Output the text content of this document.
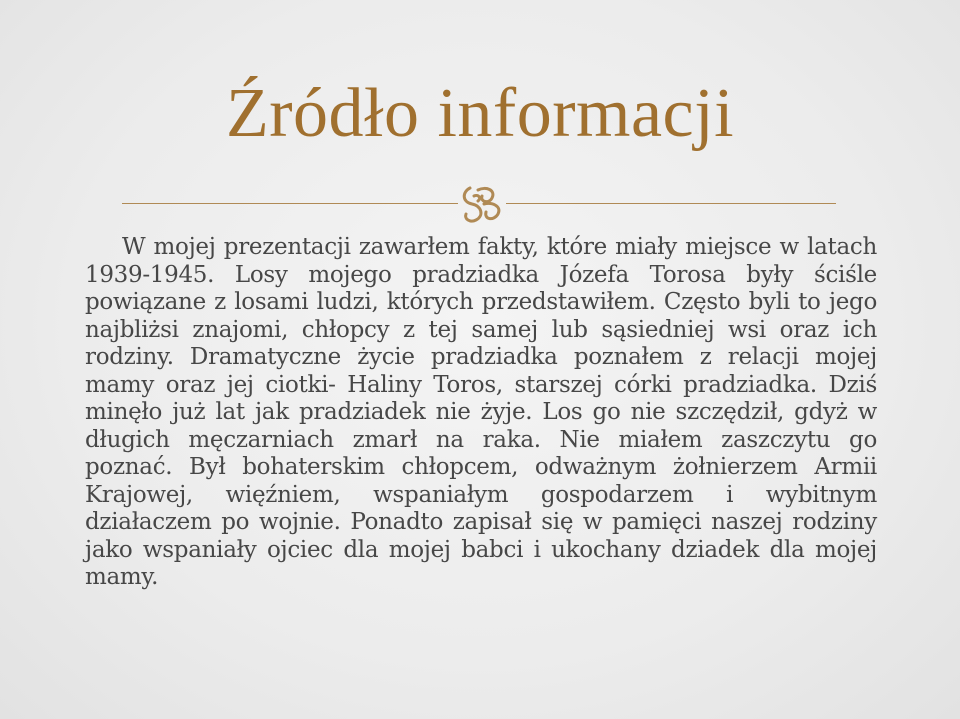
Źródło informacji

W mojej prezentacji zawarłem fakty, które miały miejsce w latach 1939-1945. Losy mojego pradziadka Józefa Torosa były ściśle powiązane z losami ludzi, których przedstawiłem. Często byli to jego najbliżsi znajomi, chłopcy z tej samej lub sąsiedniej wsi oraz ich rodziny. Dramatyczne życie pradziadka poznałem z relacji mojej mamy oraz jej ciotki- Haliny Toros, starszej córki pradziadka. Dziś minęło już lat jak pradziadek nie żyje. Los go nie szczędził, gdyż w długich męczarniach zmarł na raka. Nie miałem zaszczytu go poznać. Był bohaterskim chłopcem, odważnym żołnierzem Armii Krajowej, więźniem, wspaniałym gospodarzem i wybitnym działaczem po wojnie. Ponadto zapisał się w pamięci naszej rodziny jako wspaniały ojciec dla mojej babci i ukochany dziadek dla mojej mamy.
